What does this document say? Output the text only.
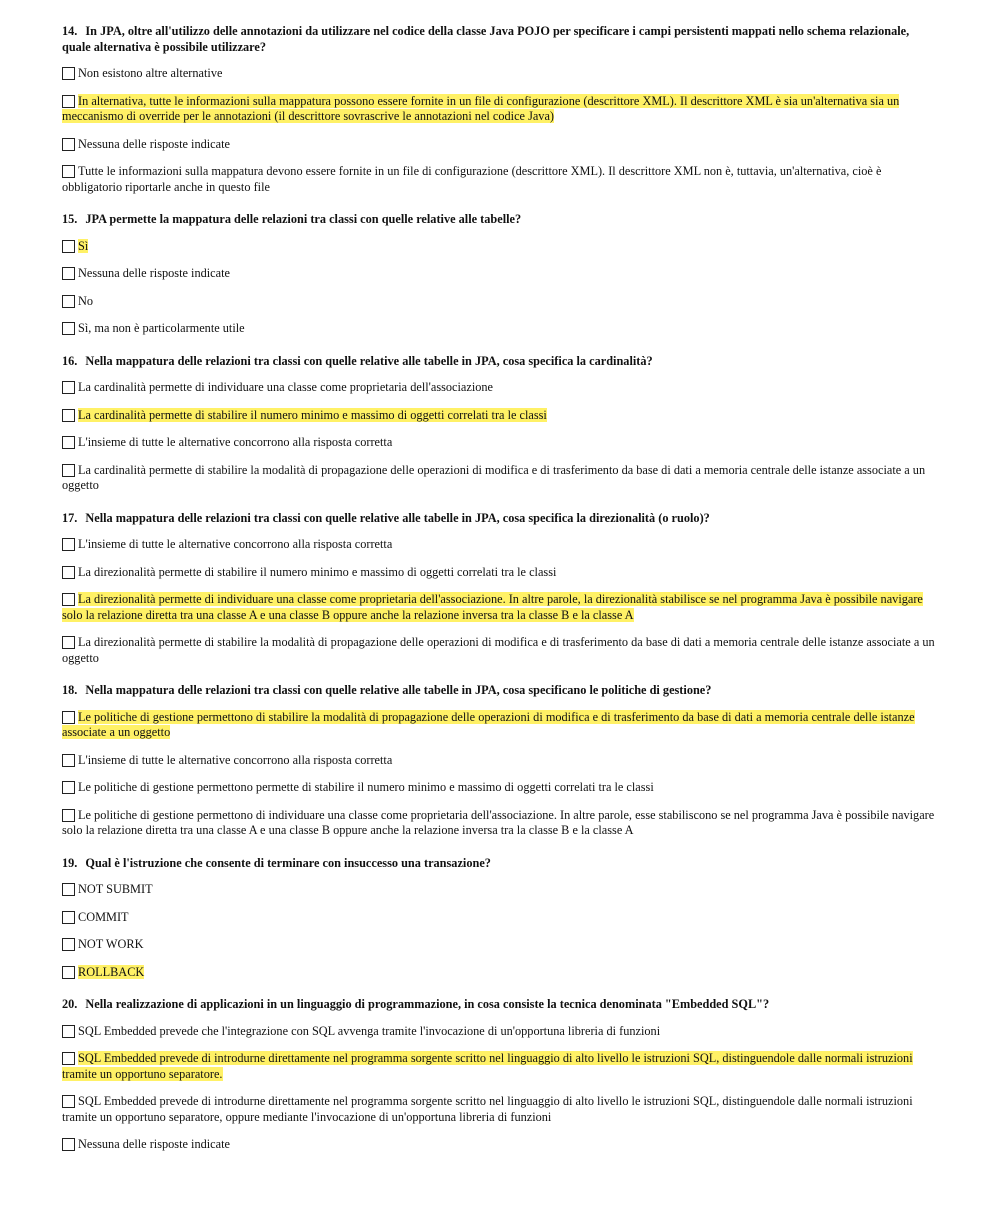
14. In JPA, oltre all'utilizzo delle annotazioni da utilizzare nel codice della classe Java POJO per specificare i campi persistenti mappati nello schema relazionale, quale alternativa è possibile utilizzare?
Non esistono altre alternative
In alternativa, tutte le informazioni sulla mappatura possono essere fornite in un file di configurazione (descrittore XML). Il descrittore XML è sia un'alternativa sia un meccanismo di override per le annotazioni (il descrittore sovrascrive le annotazioni nel codice Java)
Nessuna delle risposte indicate
Tutte le informazioni sulla mappatura devono essere fornite in un file di configurazione (descrittore XML). Il descrittore XML non è, tuttavia, un'alternativa, cioè è obbligatorio riportarle anche in questo file
15. JPA permette la mappatura delle relazioni tra classi con quelle relative alle tabelle?
Sì
Nessuna delle risposte indicate
No
Sì, ma non è particolarmente utile
16. Nella mappatura delle relazioni tra classi con quelle relative alle tabelle in JPA, cosa specifica la cardinalità?
La cardinalità permette di individuare una classe come proprietaria dell'associazione
La cardinalità permette di stabilire il numero minimo e massimo di oggetti correlati tra le classi
L'insieme di tutte le alternative concorrono alla risposta corretta
La cardinalità permette di stabilire la modalità di propagazione delle operazioni di modifica e di trasferimento da base di dati a memoria centrale delle istanze associate a un oggetto
17. Nella mappatura delle relazioni tra classi con quelle relative alle tabelle in JPA, cosa specifica la direzionalità (o ruolo)?
L'insieme di tutte le alternative concorrono alla risposta corretta
La direzionalità permette di stabilire il numero minimo e massimo di oggetti correlati tra le classi
La direzionalità permette di individuare una classe come proprietaria dell'associazione. In altre parole, la direzionalità stabilisce se nel programma Java è possibile navigare solo la relazione diretta tra una classe A e una classe B oppure anche la relazione inversa tra la classe B e la classe A
La direzionalità permette di stabilire la modalità di propagazione delle operazioni di modifica e di trasferimento da base di dati a memoria centrale delle istanze associate a un oggetto
18. Nella mappatura delle relazioni tra classi con quelle relative alle tabelle in JPA, cosa specificano le politiche di gestione?
Le politiche di gestione permettono di stabilire la modalità di propagazione delle operazioni di modifica e di trasferimento da base di dati a memoria centrale delle istanze associate a un oggetto
L'insieme di tutte le alternative concorrono alla risposta corretta
Le politiche di gestione permettono permette di stabilire il numero minimo e massimo di oggetti correlati tra le classi
Le politiche di gestione permettono di individuare una classe come proprietaria dell'associazione. In altre parole, esse stabiliscono se nel programma Java è possibile navigare solo la relazione diretta tra una classe A e una classe B oppure anche la relazione inversa tra la classe B e la classe A
19. Qual è l'istruzione che consente di terminare con insuccesso una transazione?
NOT SUBMIT
COMMIT
NOT WORK
ROLLBACK
20. Nella realizzazione di applicazioni in un linguaggio di programmazione, in cosa consiste la tecnica denominata "Embedded SQL"?
SQL Embedded prevede che l'integrazione con SQL avvenga tramite l'invocazione di un'opportuna libreria di funzioni
SQL Embedded prevede di introdurne direttamente nel programma sorgente scritto nel linguaggio di alto livello le istruzioni SQL, distinguendole dalle normali istruzioni tramite un opportuno separatore.
SQL Embedded prevede di introdurne direttamente nel programma sorgente scritto nel linguaggio di alto livello le istruzioni SQL, distinguendole dalle normali istruzioni tramite un opportuno separatore, oppure mediante l'invocazione di un'opportuna libreria di funzioni
Nessuna delle risposte indicate
